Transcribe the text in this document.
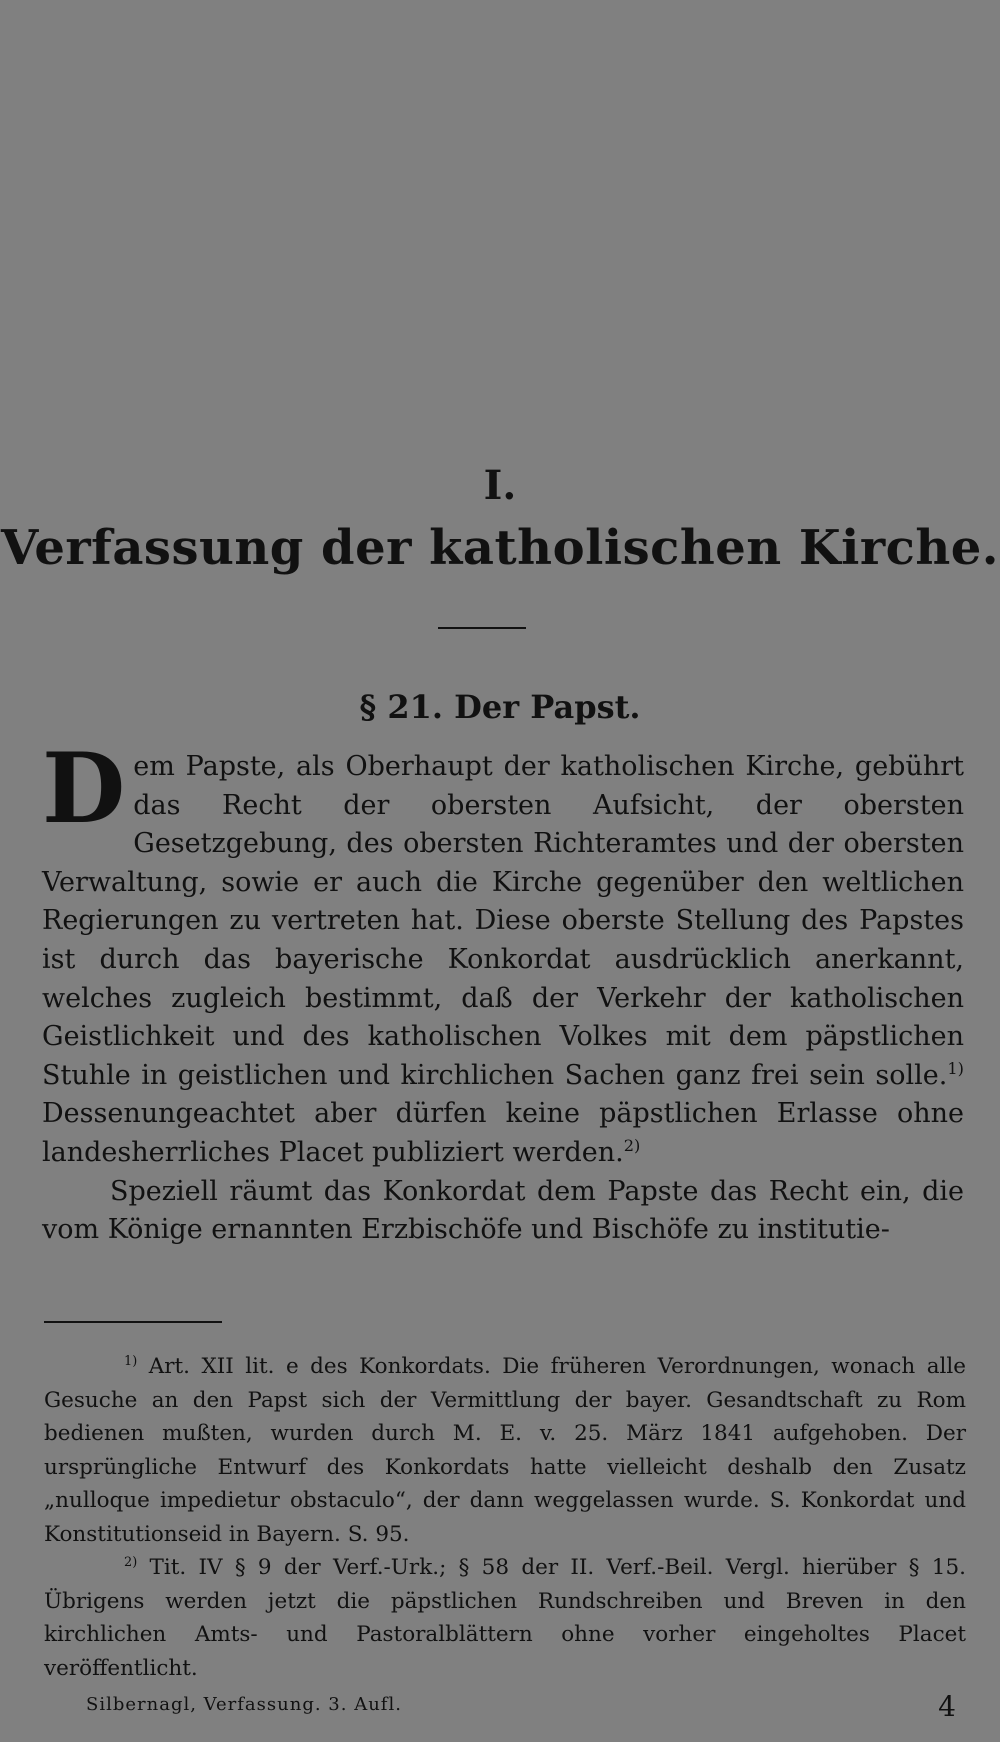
I.
Verfassung der katholischen Kirche.
§ 21. Der Papst.

Dem Papste, als Oberhaupt der katholischen Kirche, gebührt das Recht der obersten Aufsicht, der obersten Gesetzgebung, des obersten Richteramtes und der obersten Verwaltung, sowie er auch die Kirche gegenüber den weltlichen Regierungen zu vertreten hat. Diese oberste Stellung des Papstes ist durch das bayerische Konkordat ausdrücklich anerkannt, welches zugleich bestimmt, daß der Verkehr der katholischen Geistlichkeit und des katholischen Volkes mit dem päpstlichen Stuhle in geistlichen und kirchlichen Sachen ganz frei sein solle.$^{1)}$ Dessenungeachtet aber dürfen keine päpstlichen Erlasse ohne landesherrliches Placet publiziert werden.$^{2)}$

Speziell räumt das Konkordat dem Papste das Recht ein, die vom Könige ernannten Erzbischöfe und Bischöfe zu institutie-

$^{1)}$ Art. XII lit. e des Konkordats. Die früheren Verordnungen, wonach alle Gesuche an den Papst sich der Vermittlung der bayer. Gesandtschaft zu Rom bedienen mußten, wurden durch M. E. v. 25. März 1841 aufgehoben. Der ursprüngliche Entwurf des Konkordats hatte vielleicht deshalb den Zusatz „nulloque impedietur obstaculo“, der dann weggelassen wurde. S. Konkordat und Konstitutionseid in Bayern. S. 95.

$^{2)}$ Tit. IV § 9 der Verf.-Urk.; § 58 der II. Verf.-Beil. Vergl. hierüber § 15. Übrigens werden jetzt die päpstlichen Rundschreiben und Breven in den kirchlichen Amts- und Pastoralblättern ohne vorher eingeholtes Placet veröffentlicht.

Silbernagl, Verfassung. 3. Aufl.	4
